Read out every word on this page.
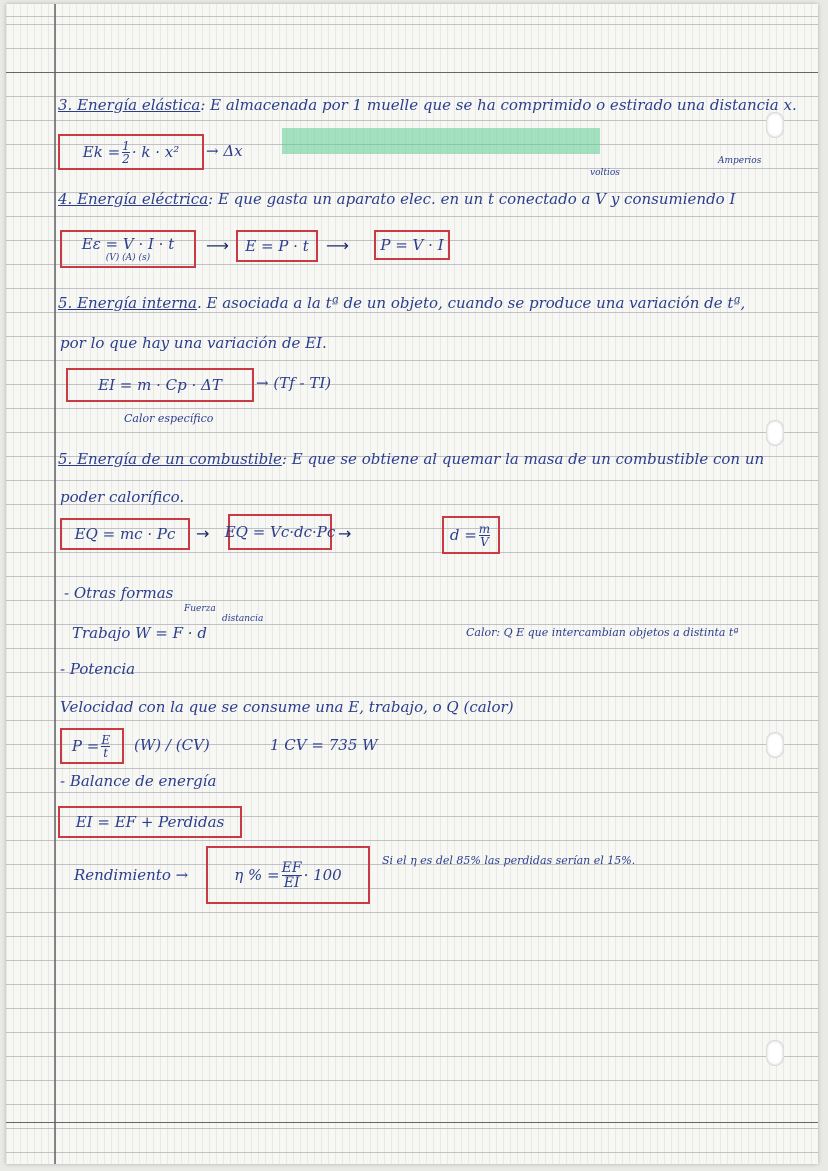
3. Energía elástica: E almacenada por 1 muelle que se ha comprimido o estirado una distancia x.
$Ek = \frac{1}{2} \cdot k \cdot x^2 \to \Delta x$
voltios
Amperios
4. Energía eléctrica: E que gasta un aparato elec. en un t conectado a V y consumiendo I
Eε = V · I · t
(V) (A) (s)
⟶	E = P · t	⟶	P = V · I
5. Energía interna. E asociada a la tª de un objeto, cuando se produce una variación de tª,
por lo que hay una variación de EI.
EI = m · Cp · ΔT	→ (Tf - TI)
Calor específico
5. Energía de un combustible: E que se obtiene al quemar la masa de un combustible con un
poder calorífico.
EQ = mc · Pc	→ EQ = Vc·dc·Pc →	$d = \frac{m}{V}$
- Otras formas
Fuerza
distancia
Trabajo W = F · d	Calor: Q E que intercambian objetos a distinta tª
- Potencia
Velocidad con la que se consume una E, trabajo, o Q (calor)
$P = \frac{E}{t} (W) / (CV)$	1 CV = 735 W
- Balance de energía
EI = EF + Perdidas
Rendimiento →	η % = $\frac{EF}{EI} \cdot 100$
Si el η es del 85% las perdidas serían el 15%.
